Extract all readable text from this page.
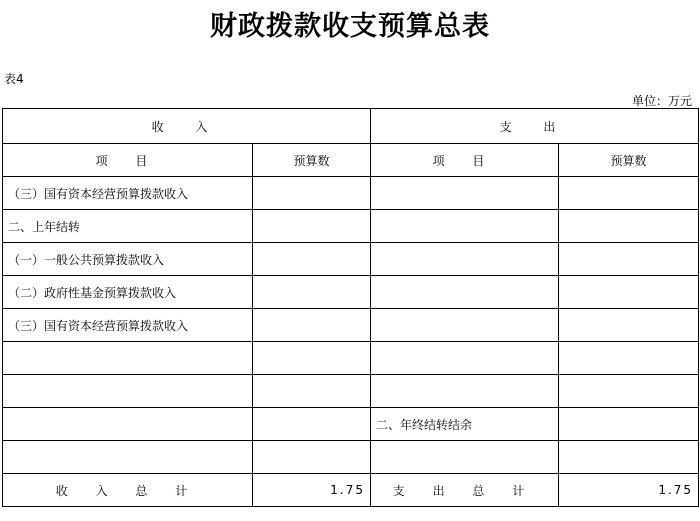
财政拨款收支预算总表
表4
单位：万元
收 入		支 出	
项 目	预算数	项 目	预算数
（三）国有资本经营预算拨款收入			
二、上年结转			
（一）一般公共预算拨款收入			
（二）政府性基金预算拨款收入			
（三）国有资本经营预算拨款收入			

		二、年终结转结余	

收 入 总 计	1.75	支 出 总 计	1.75
